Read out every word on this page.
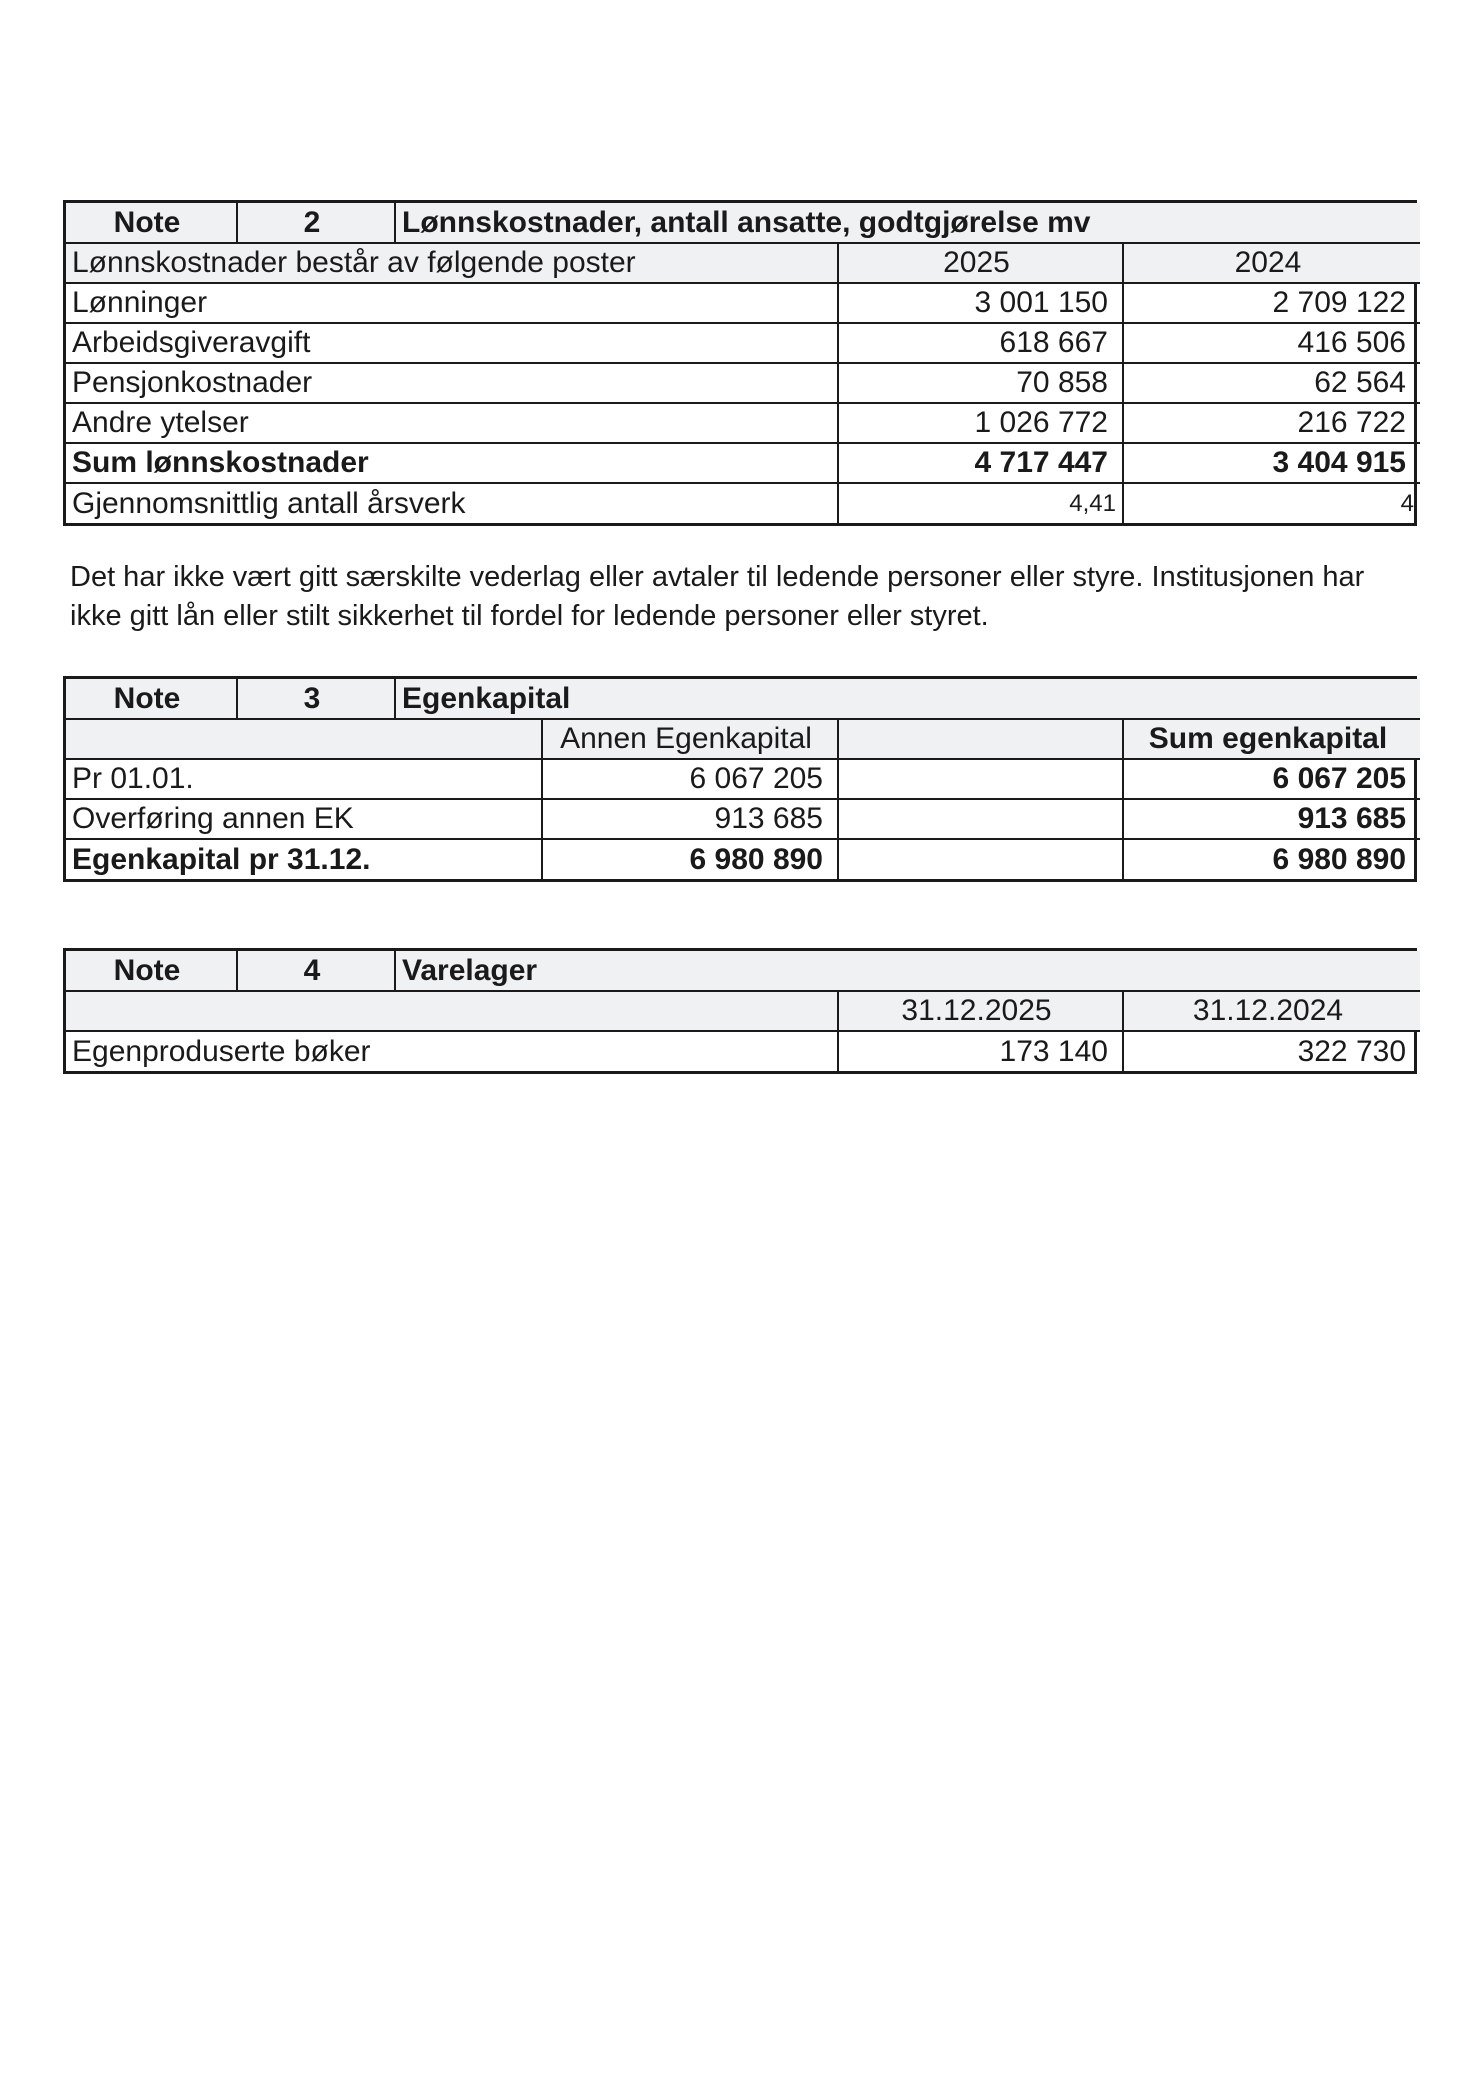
Note	2	Lønnskostnader, antall ansatte, godtgjørelse mv		
Lønnskostnader består av følgende poster			2025	2024
Lønninger			3 001 150	2 709 122
Arbeidsgiveravgift			618 667	416 506
Pensjonkostnader			70 858	62 564
Andre ytelser			1 026 772	216 722
Sum lønnskostnader			4 717 447	3 404 915
Gjennomsnittlig antall årsverk			4,41	4
Det har ikke vært gitt særskilte vederlag eller avtaler til ledende personer eller styre. Institusjonen har ikke gitt lån eller stilt sikkerhet til fordel for ledende personer eller styret.
Note	3	Egenkapital			
			Annen Egenkapital		Sum egenkapital
Pr 01.01.			6 067 205		6 067 205
Overføring annen EK			913 685		913 685
Egenkapital pr 31.12.			6 980 890		6 980 890
Note	4	Varelager		
			31.12.2025	31.12.2024
Egenproduserte bøker			173 140	322 730
